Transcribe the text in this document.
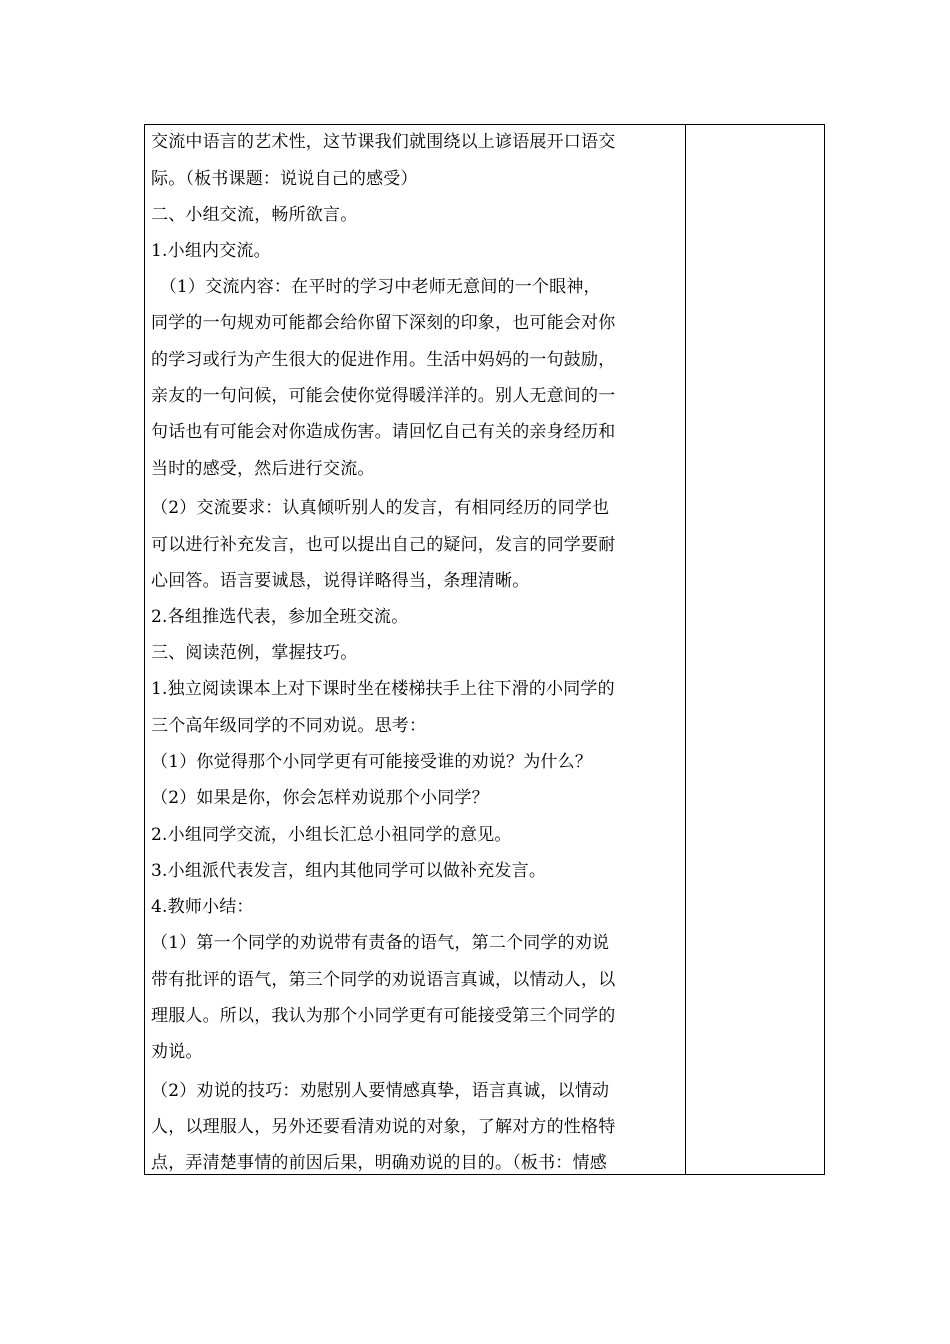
交流中语言的艺术性，这节课我们就围绕以上谚语展开口语交
际。（板书课题：说说自己的感受）
二、小组交流，畅所欲言。
1.小组内交流。
　（1）交流内容：在平时的学习中老师无意间的一个眼神，
同学的一句规劝可能都会给你留下深刻的印象，也可能会对你
的学习或行为产生很大的促进作用。生活中妈妈的一句鼓励，
亲友的一句问候，可能会使你觉得暖洋洋的。别人无意间的一
句话也有可能会对你造成伤害。请回忆自己有关的亲身经历和
当时的感受，然后进行交流。
（2）交流要求：认真倾听别人的发言，有相同经历的同学也
可以进行补充发言，也可以提出自己的疑问，发言的同学要耐
心回答。语言要诚恳，说得详略得当，条理清晰。
2.各组推选代表，参加全班交流。
三、阅读范例，掌握技巧。
1.独立阅读课本上对下课时坐在楼梯扶手上往下滑的小同学的
三个高年级同学的不同劝说。思考：
（1）你觉得那个小同学更有可能接受谁的劝说？为什么？
（2）如果是你，你会怎样劝说那个小同学？
2.小组同学交流，小组长汇总小祖同学的意见。
3.小组派代表发言，组内其他同学可以做补充发言。
4.教师小结：
（1）第一个同学的劝说带有责备的语气，第二个同学的劝说
带有批评的语气，第三个同学的劝说语言真诚，以情动人，以
理服人。所以，我认为那个小同学更有可能接受第三个同学的
劝说。
（2）劝说的技巧：劝慰别人要情感真挚，语言真诚，以情动
人，以理服人，另外还要看清劝说的对象，了解对方的性格特
点，弄清楚事情的前因后果，明确劝说的目的。（板书：情感
